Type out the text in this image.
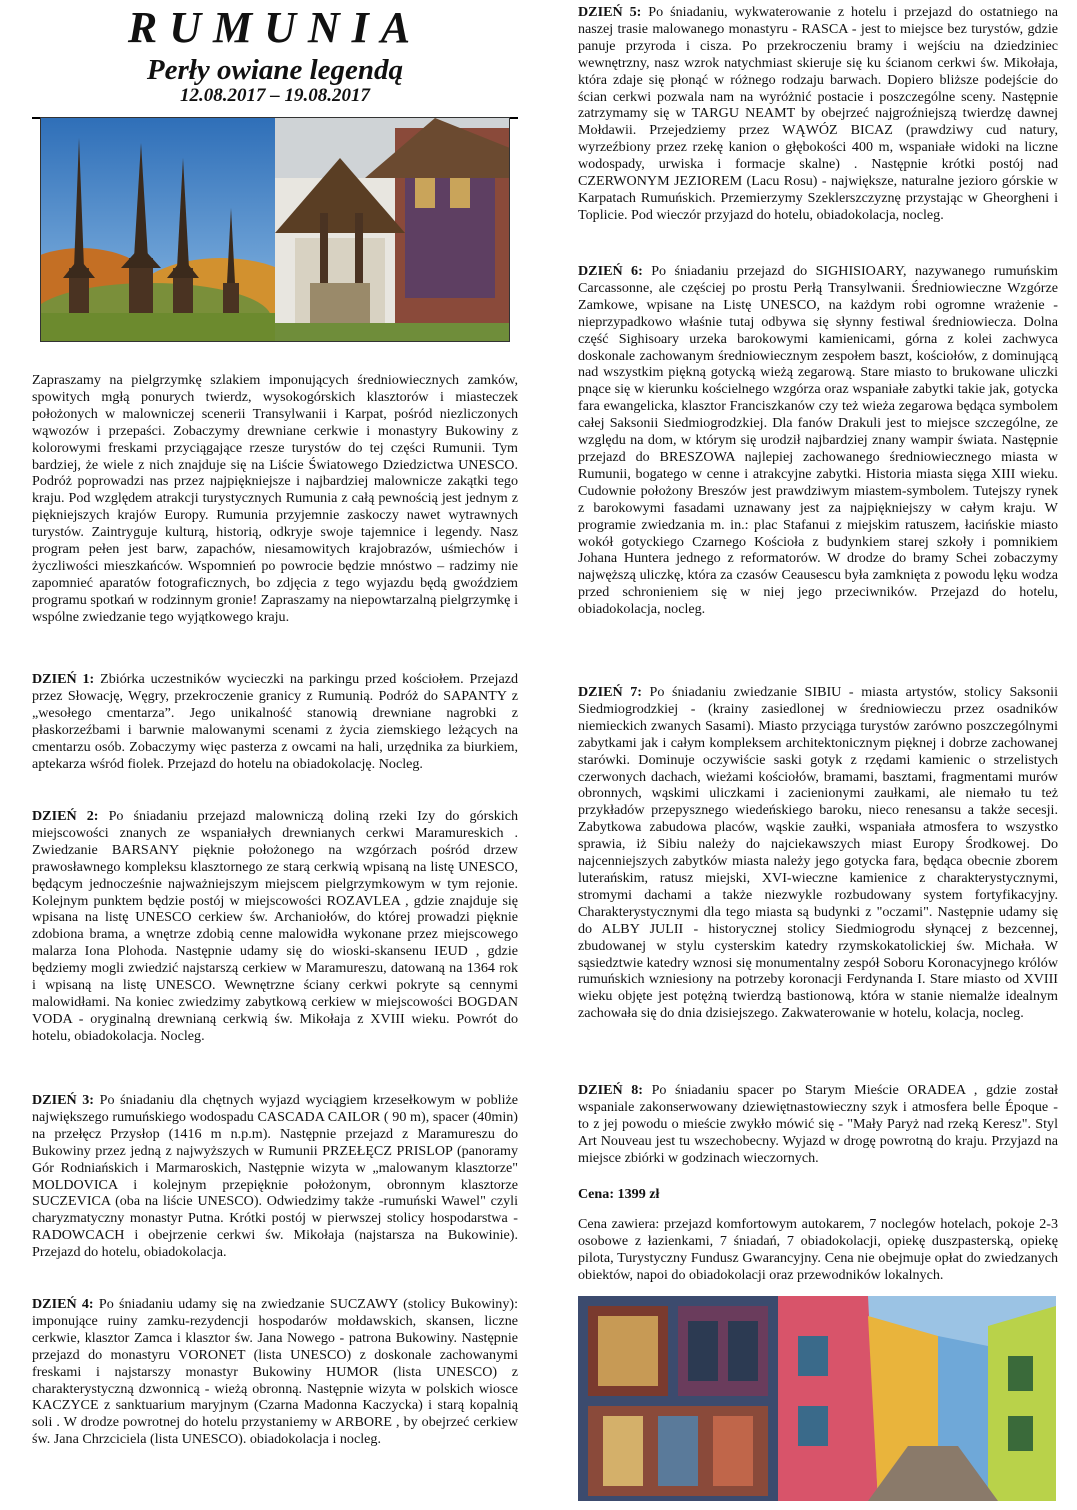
RUMUNIA
Perły owiane legendą
12.08.2017 – 19.08.2017
Zapraszamy na pielgrzymkę szlakiem imponujących średniowiecznych zamków, spowitych mgłą ponurych twierdz, wysokogórskich klasztorów i miasteczek położonych w malowniczej scenerii Transylwanii i Karpat, pośród niezliczonych wąwozów i przepaści. Zobaczymy drewniane cerkwie i monastyry Bukowiny z kolorowymi freskami przyciągające rzesze turystów do tej części Rumunii. Tym bardziej, że wiele z nich znajduje się na Liście Światowego Dziedzictwa UNESCO. Podróż poprowadzi nas przez najpiękniejsze i najbardziej malownicze zakątki tego kraju. Pod względem atrakcji turystycznych Rumunia z całą pewnością jest jednym z piękniejszych krajów Europy. Rumunia przyjemnie zaskoczy nawet wytrawnych turystów. Zaintryguje kulturą, historią, odkryje swoje tajemnice i legendy. Nasz program pełen jest barw, zapachów, niesamowitych krajobrazów, uśmiechów i życzliwości mieszkańców. Wspomnień po powrocie będzie mnóstwo – radzimy nie zapomnieć aparatów fotograficznych, bo zdjęcia z tego wyjazdu będą gwoździem programu spotkań w rodzinnym gronie! Zapraszamy na niepowtarzalną pielgrzymkę i wspólne zwiedzanie tego wyjątkowego kraju.
DZIEŃ 1: Zbiórka uczestników wycieczki na parkingu przed kościołem. Przejazd przez Słowację, Węgry, przekroczenie granicy z Rumunią. Podróż do SAPANTY z „wesołego cmentarza”. Jego unikalność stanowią drewniane nagrobki z płaskorzeźbami i barwnie malowanymi scenami z życia ziemskiego leżących na cmentarzu osób. Zobaczymy więc pasterza z owcami na hali, urzędnika za biurkiem, aptekarza wśród fiolek. Przejazd do hotelu na obiadokolację. Nocleg.
DZIEŃ 2: Po śniadaniu przejazd malowniczą doliną rzeki Izy do górskich miejscowości znanych ze wspaniałych drewnianych cerkwi Maramureskich . Zwiedzanie BARSANY pięknie położonego na wzgórzach pośród drzew prawosławnego kompleksu klasztornego ze starą cerkwią wpisaną na listę UNESCO, będącym jednocześnie najważniejszym miejscem pielgrzymkowym w tym rejonie. Kolejnym punktem będzie postój w miejscowości ROZAVLEA , gdzie znajduje się wpisana na listę UNESCO cerkiew św. Archaniołów, do której prowadzi pięknie zdobiona brama, a wnętrze zdobią cenne malowidła wykonane przez miejscowego malarza Iona Plohoda. Następnie udamy się do wioski-skansenu IEUD , gdzie będziemy mogli zwiedzić najstarszą cerkiew w Maramureszu, datowaną na 1364 rok i wpisaną na listę UNESCO. Wewnętrzne ściany cerkwi pokryte są cennymi malowidłami. Na koniec zwiedzimy zabytkową cerkiew w miejscowości BOGDAN VODA - oryginalną drewnianą cerkwią św. Mikołaja z XVIII wieku. Powrót do hotelu, obiadokolacja. Nocleg.
DZIEŃ 3: Po śniadaniu dla chętnych wyjazd wyciągiem krzesełkowym w pobliże największego rumuńskiego wodospadu CASCADA CAILOR ( 90 m), spacer (40min) na przełęcz Przysłop (1416 m n.p.m). Następnie przejazd z Maramureszu do Bukowiny przez jedną z najwyższych w Rumunii PRZEŁĘCZ PRISLOP (panoramy Gór Rodniańskich i Marmaroskich, Następnie wizyta w „malowanym klasztorze" MOLDOVICA i kolejnym przepięknie położonym, obronnym klasztorze SUCZEVICA (oba na liście UNESCO). Odwiedzimy także -rumuński Wawel" czyli charyzmatyczny monastyr Putna. Krótki postój w pierwszej stolicy hospodarstwa - RADOWCACH i obejrzenie cerkwi św. Mikołaja (najstarsza na Bukowinie). Przejazd do hotelu, obiadokolacja.
DZIEŃ 4: Po śniadaniu udamy się na zwiedzanie SUCZAWY (stolicy Bukowiny): imponujące ruiny zamku-rezydencji hospodarów mołdawskich, skansen, liczne cerkwie, klasztor Zamca i klasztor św. Jana Nowego - patrona Bukowiny. Następnie przejazd do monastyru VORONET (lista UNESCO) z doskonale zachowanymi freskami i najstarszy monastyr Bukowiny HUMOR (lista UNESCO) z charakterystyczną dzwonnicą - wieżą obronną. Następnie wizyta w polskich wiosce KACZYCE z sanktuarium maryjnym (Czarna Madonna Kaczycka) i starą kopalnią soli . W drodze powrotnej do hotelu przystaniemy w ARBORE , by obejrzeć cerkiew św. Jana Chrzciciela (lista UNESCO). obiadokolacja i nocleg.
DZIEŃ 5: Po śniadaniu, wykwaterowanie z hotelu i przejazd do ostatniego na naszej trasie malowanego monastyru - RASCA - jest to miejsce bez turystów, gdzie panuje przyroda i cisza. Po przekroczeniu bramy i wejściu na dziedziniec wewnętrzny, nasz wzrok natychmiast skieruje się ku ścianom cerkwi św. Mikołaja, która zdaje się płonąć w różnego rodzaju barwach. Dopiero bliższe podejście do ścian cerkwi pozwala nam na wyróżnić postacie i poszczególne sceny. Następnie zatrzymamy się w TARGU NEAMT by obejrzeć najgroźniejszą twierdzę dawnej Mołdawii. Przejedziemy przez WĄWÓZ BICAZ (prawdziwy cud natury, wyrzeźbiony przez rzekę kanion o głębokości 400 m, wspaniałe widoki na liczne wodospady, urwiska i formacje skalne) . Następnie krótki postój nad CZERWONYM JEZIOREM (Lacu Rosu) - największe, naturalne jezioro górskie w Karpatach Rumuńskich. Przemierzymy Szeklerszczyznę przystając w Gheorgheni i Toplicie. Pod wieczór przyjazd do hotelu, obiadokolacja, nocleg.
DZIEŃ 6: Po śniadaniu przejazd do SIGHISIOARY, nazywanego rumuńskim Carcassonne, ale częściej po prostu Perłą Transylwanii. Średniowieczne Wzgórze Zamkowe, wpisane na Listę UNESCO, na każdym robi ogromne wrażenie - nieprzypadkowo właśnie tutaj odbywa się słynny festiwal średniowiecza. Dolna część Sighisoary urzeka barokowymi kamienicami, górna z kolei zachwyca doskonale zachowanym średniowiecznym zespołem baszt, kościołów, z dominującą nad wszystkim piękną gotycką wieżą zegarową. Stare miasto to brukowane uliczki pnące się w kierunku kościelnego wzgórza oraz wspaniałe zabytki takie jak, gotycka fara ewangelicka, klasztor Franciszkanów czy też wieża zegarowa będąca symbolem całej Saksonii Siedmiogrodzkiej. Dla fanów Drakuli jest to miejsce szczególne, ze względu na dom, w którym się urodził najbardziej znany wampir świata. Następnie przejazd do BRESZOWA najlepiej zachowanego średniowiecznego miasta w Rumunii, bogatego w cenne i atrakcyjne zabytki. Historia miasta sięga XIII wieku. Cudownie położony Breszów jest prawdziwym miastem-symbolem. Tutejszy rynek z barokowymi fasadami uznawany jest za najpiękniejszy w całym kraju. W programie zwiedzania m. in.: plac Stafanui z miejskim ratuszem, łacińskie miasto wokół gotyckiego Czarnego Kościoła z budynkiem starej szkoły i pomnikiem Johana Huntera jednego z reformatorów. W drodze do bramy Schei zobaczymy najwęższą uliczkę, która za czasów Ceausescu była zamknięta z powodu lęku wodza przed schronieniem się w niej jego przeciwników. Przejazd do hotelu, obiadokolacja, nocleg.
DZIEŃ 7: Po śniadaniu zwiedzanie SIBIU - miasta artystów, stolicy Saksonii Siedmiogrodzkiej - (krainy zasiedlonej w średniowieczu przez osadników niemieckich zwanych Sasami). Miasto przyciąga turystów zarówno poszczególnymi zabytkami jak i całym kompleksem architektonicznym pięknej i dobrze zachowanej starówki. Dominuje oczywiście saski gotyk z rzędami kamienic o strzelistych czerwonych dachach, wieżami kościołów, bramami, basztami, fragmentami murów obronnych, wąskimi uliczkami i zacienionymi zaułkami, ale niemało tu też przykładów przepysznego wiedeńskiego baroku, nieco renesansu a także secesji. Zabytkowa zabudowa placów, wąskie zaułki, wspaniała atmosfera to wszystko sprawia, iż Sibiu należy do najciekawszych miast Europy Środkowej. Do najcenniejszych zabytków miasta należy jego gotycka fara, będąca obecnie zborem luterańskim, ratusz miejski, XVI-wieczne kamienice z charakterystycznymi, stromymi dachami a także niezwykle rozbudowany system fortyfikacyjny. Charakterystycznymi dla tego miasta są budynki z "oczami". Następnie udamy się do ALBY JULII - historycznej stolicy Siedmiogrodu słynącej z bezcennej, zbudowanej w stylu cysterskim katedry rzymskokatolickiej św. Michała. W sąsiedztwie katedry wznosi się monumentalny zespół Soboru Koronacyjnego królów rumuńskich wzniesiony na potrzeby koronacji Ferdynanda I. Stare miasto od XVIII wieku objęte jest potężną twierdzą bastionową, która w stanie niemalże idealnym zachowała się do dnia dzisiejszego. Zakwaterowanie w hotelu, kolacja, nocleg.
DZIEŃ 8: Po śniadaniu spacer po Starym Mieście ORADEA , gdzie został wspaniale zakonserwowany dziewiętnastowieczny szyk i atmosfera belle Époque - to z jej powodu o mieście zwykło mówić się - "Mały Paryż nad rzeką Keresz". Styl Art Nouveau jest tu wszechobecny. Wyjazd w drogę powrotną do kraju. Przyjazd na miejsce zbiórki w godzinach wieczornych.
Cena: 1399 zł
Cena zawiera: przejazd komfortowym autokarem, 7 noclegów hotelach, pokoje 2-3 osobowe z łazienkami, 7 śniadań, 7 obiadokolacji, opiekę duszpasterską, opiekę pilota, Turystyczny Fundusz Gwarancyjny. Cena nie obejmuje opłat do zwiedzanych obiektów, napoi do obiadokolacji oraz przewodników lokalnych.
